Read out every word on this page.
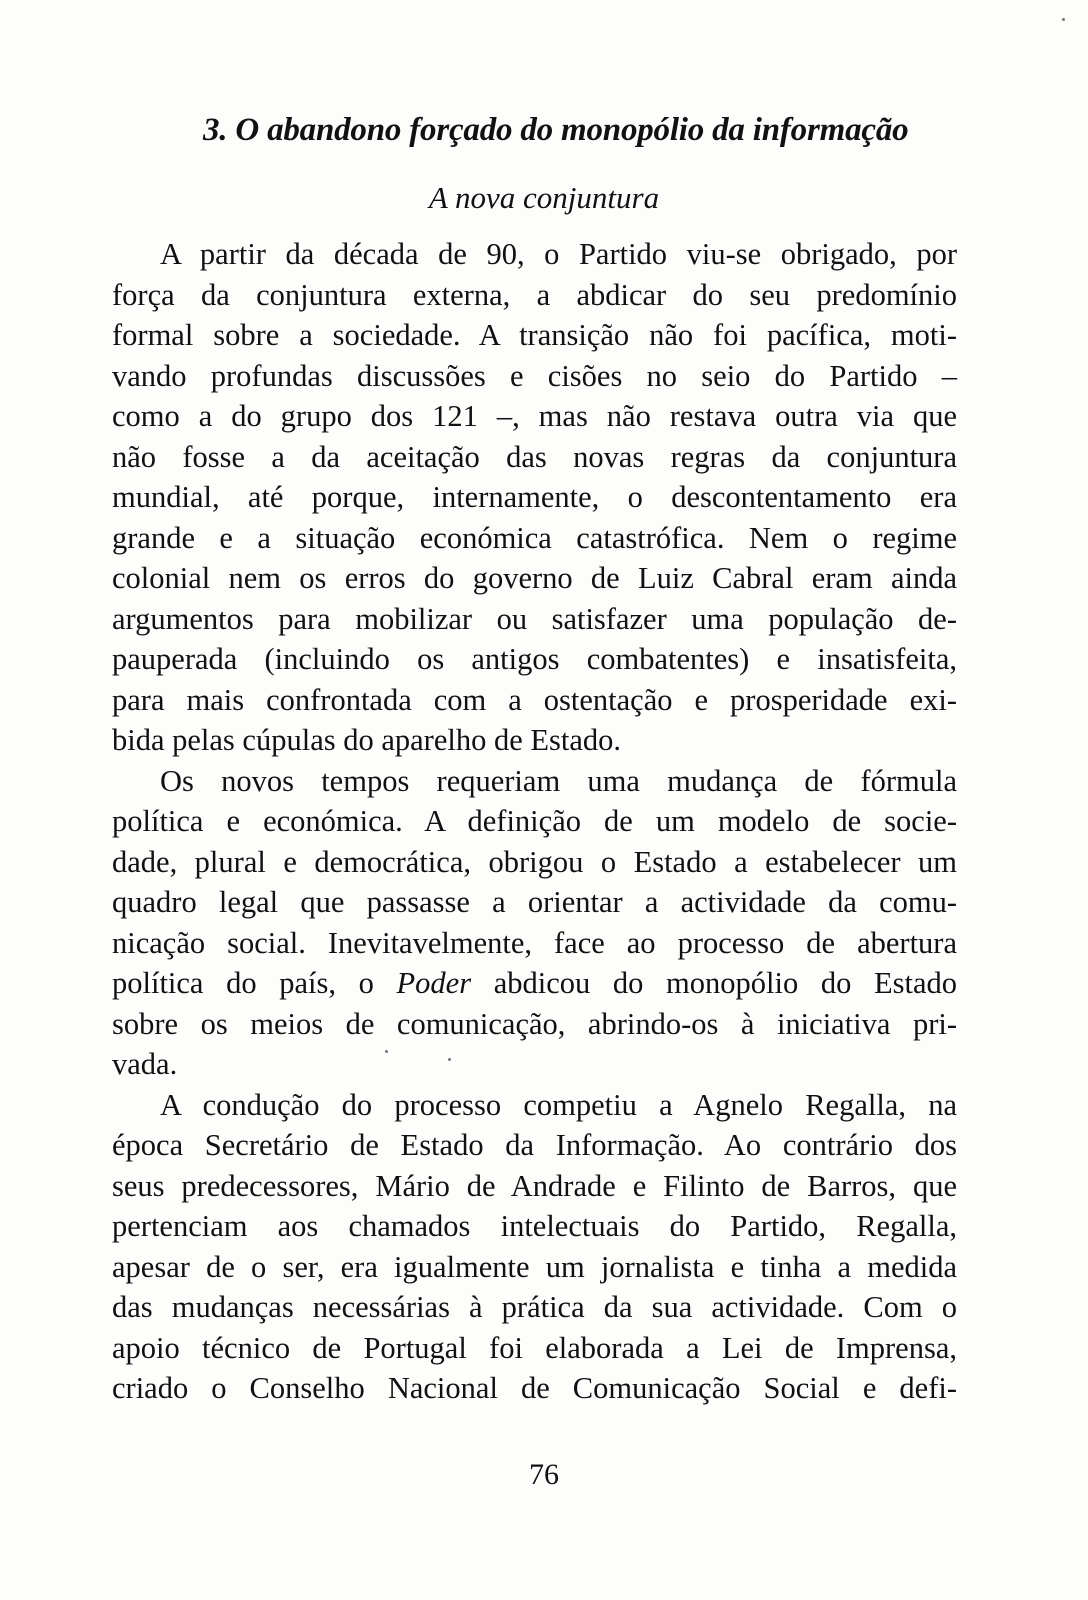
3. O abandono forçado do monopólio da informação
A nova conjuntura
A partir da década de 90, o Partido viu-se obrigado, por
força da conjuntura externa, a abdicar do seu predomínio
formal sobre a sociedade. A transição não foi pacífica, moti-
vando profundas discussões e cisões no seio do Partido –
como a do grupo dos 121 –, mas não restava outra via que
não fosse a da aceitação das novas regras da conjuntura
mundial, até porque, internamente, o descontentamento era
grande e a situação económica catastrófica. Nem o regime
colonial nem os erros do governo de Luiz Cabral eram ainda
argumentos para mobilizar ou satisfazer uma população de-
pauperada (incluindo os antigos combatentes) e insatisfeita,
para mais confrontada com a ostentação e prosperidade exi-
bida pelas cúpulas do aparelho de Estado.
Os novos tempos requeriam uma mudança de fórmula
política e económica. A definição de um modelo de socie-
dade, plural e democrática, obrigou o Estado a estabelecer um
quadro legal que passasse a orientar a actividade da comu-
nicação social. Inevitavelmente, face ao processo de abertura
política do país, o Poder abdicou do monopólio do Estado
sobre os meios de comunicação, abrindo-os à iniciativa pri-
vada.
A condução do processo competiu a Agnelo Regalla, na
época Secretário de Estado da Informação. Ao contrário dos
seus predecessores, Mário de Andrade e Filinto de Barros, que
pertenciam aos chamados intelectuais do Partido, Regalla,
apesar de o ser, era igualmente um jornalista e tinha a medida
das mudanças necessárias à prática da sua actividade. Com o
apoio técnico de Portugal foi elaborada a Lei de Imprensa,
criado o Conselho Nacional de Comunicação Social e defi-
76
